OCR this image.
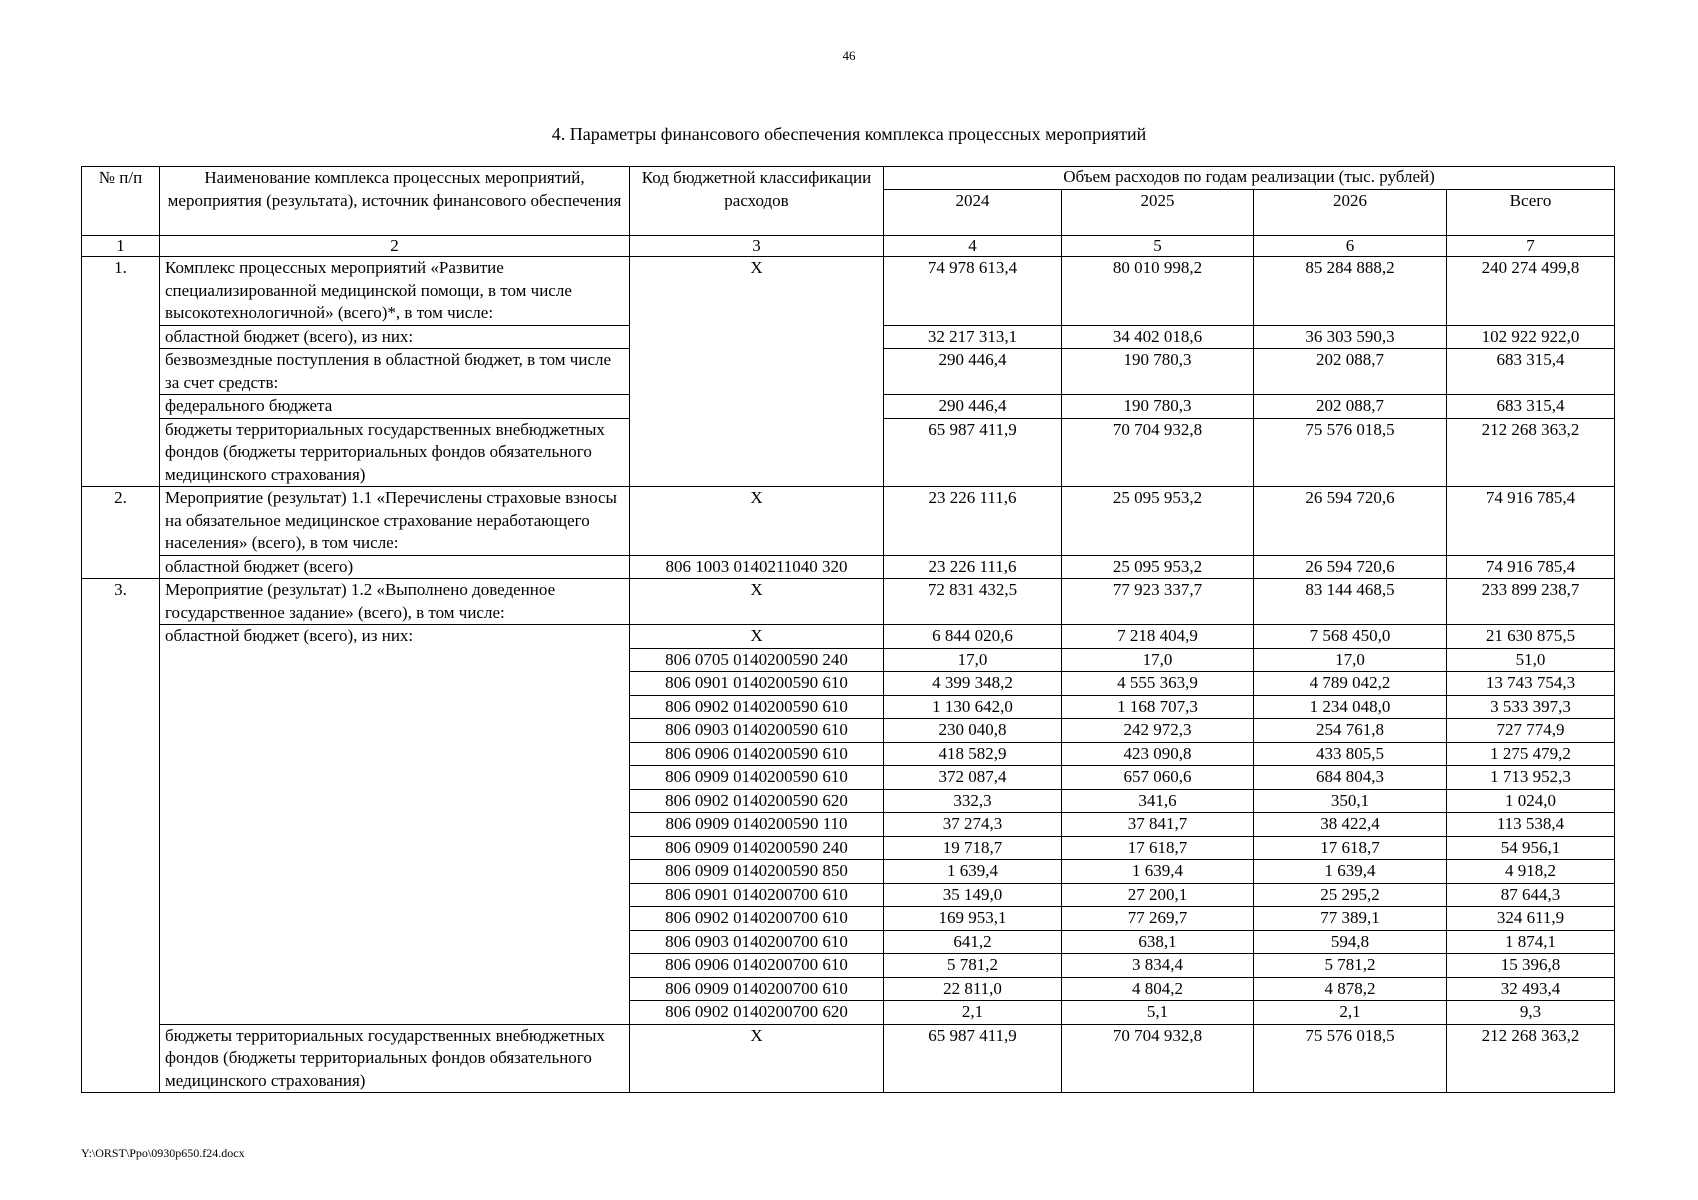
46
4. Параметры финансового обеспечения комплекса процессных мероприятий
№ п/п	Наименование комплекса процессных мероприятий, мероприятия (результата), источник финансового обеспечения	Код бюджетной классификации расходов	Объем расходов по годам реализации (тыс. рублей)			
			2024	2025	2026	Всего
1	2	3	4	5	6	7
1.	Комплекс процессных мероприятий «Развитие специализированной медицинской помощи, в том числе высокотехнологичной» (всего)*, в том числе:	Х	74 978 613,4	80 010 998,2	85 284 888,2	240 274 499,8
	областной бюджет (всего), из них:		32 217 313,1	34 402 018,6	36 303 590,3	102 922 922,0
	безвозмездные поступления в областной бюджет, в том числе за счет средств:		290 446,4	190 780,3	202 088,7	683 315,4
	федерального бюджета		290 446,4	190 780,3	202 088,7	683 315,4
	бюджеты территориальных государственных внебюджетных фондов (бюджеты территориальных фондов обязательного медицинского страхования)		65 987 411,9	70 704 932,8	75 576 018,5	212 268 363,2
2.	Мероприятие (результат) 1.1 «Перечислены страховые взносы на обязательное медицинское страхование неработающего населения» (всего), в том числе:	Х	23 226 111,6	25 095 953,2	26 594 720,6	74 916 785,4
	областной бюджет (всего)	806 1003 0140211040 320	23 226 111,6	25 095 953,2	26 594 720,6	74 916 785,4
3.	Мероприятие (результат) 1.2 «Выполнено доведенное государственное задание» (всего), в том числе:	Х	72 831 432,5	77 923 337,7	83 144 468,5	233 899 238,7
	областной бюджет (всего), из них:	Х	6 844 020,6	7 218 404,9	7 568 450,0	21 630 875,5
		806 0705 0140200590 240	17,0	17,0	17,0	51,0
		806 0901 0140200590 610	4 399 348,2	4 555 363,9	4 789 042,2	13 743 754,3
		806 0902 0140200590 610	1 130 642,0	1 168 707,3	1 234 048,0	3 533 397,3
		806 0903 0140200590 610	230 040,8	242 972,3	254 761,8	727 774,9
		806 0906 0140200590 610	418 582,9	423 090,8	433 805,5	1 275 479,2
		806 0909 0140200590 610	372 087,4	657 060,6	684 804,3	1 713 952,3
		806 0902 0140200590 620	332,3	341,6	350,1	1 024,0
		806 0909 0140200590 110	37 274,3	37 841,7	38 422,4	113 538,4
		806 0909 0140200590 240	19 718,7	17 618,7	17 618,7	54 956,1
		806 0909 0140200590 850	1 639,4	1 639,4	1 639,4	4 918,2
		806 0901 0140200700 610	35 149,0	27 200,1	25 295,2	87 644,3
		806 0902 0140200700 610	169 953,1	77 269,7	77 389,1	324 611,9
		806 0903 0140200700 610	641,2	638,1	594,8	1 874,1
		806 0906 0140200700 610	5 781,2	3 834,4	5 781,2	15 396,8
		806 0909 0140200700 610	22 811,0	4 804,2	4 878,2	32 493,4
		806 0902 0140200700 620	2,1	5,1	2,1	9,3
	бюджеты территориальных государственных внебюджетных фондов (бюджеты территориальных фондов обязательного медицинского страхования)	Х	65 987 411,9	70 704 932,8	75 576 018,5	212 268 363,2
Y:\ORST\Ppo\0930p650.f24.docx
